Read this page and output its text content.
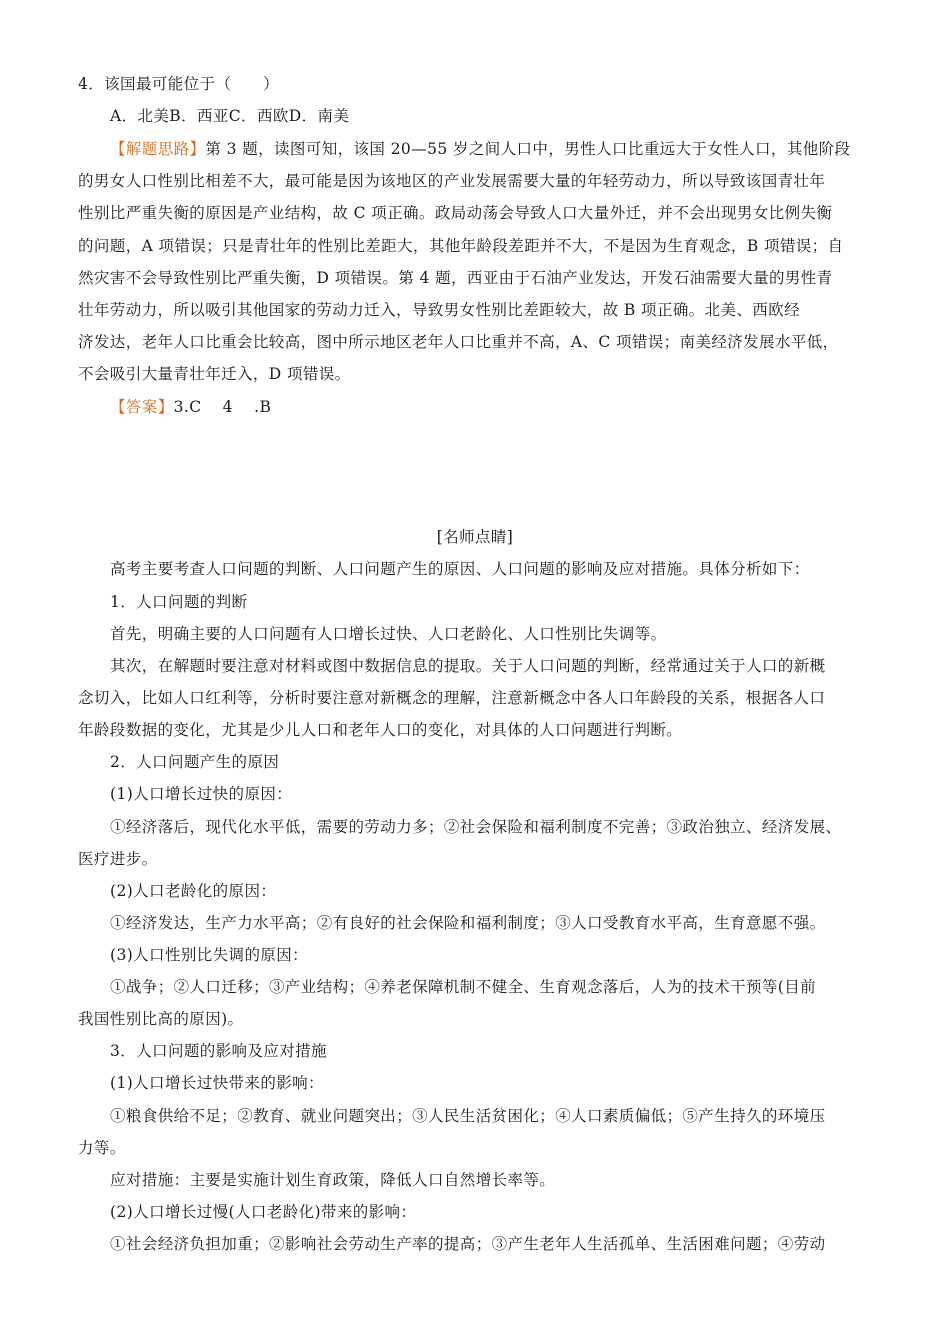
4．该国最可能位于（　　）
A．北美B．西亚C．西欧D．南美
【解题思路】第 3 题，读图可知，该国 20—55 岁之间人口中，男性人口比重远大于女性人口，其他阶段
的男女人口性别比相差不大，最可能是因为该地区的产业发展需要大量的年轻劳动力，所以导致该国青壮年
性别比严重失衡的原因是产业结构，故 C 项正确。政局动荡会导致人口大量外迁，并不会出现男女比例失衡
的问题，A 项错误；只是青壮年的性别比差距大，其他年龄段差距并不大，不是因为生育观念，B 项错误；自
然灾害不会导致性别比严重失衡，D 项错误。第 4 题，西亚由于石油产业发达，开发石油需要大量的男性青
壮年劳动力，所以吸引其他国家的劳动力迁入，导致男女性别比差距较大，故 B 项正确。北美、西欧经
济发达，老年人口比重会比较高，图中所示地区老年人口比重并不高，A、C 项错误；南美经济发展水平低，
不会吸引大量青壮年迁入，D 项错误。
【答案】3.C　 4　 .B
[名师点睛]
高考主要考查人口问题的判断、人口问题产生的原因、人口问题的影响及应对措施。具体分析如下：
1．人口问题的判断
首先，明确主要的人口问题有人口增长过快、人口老龄化、人口性别比失调等。
其次，在解题时要注意对材料或图中数据信息的提取。关于人口问题的判断，经常通过关于人口的新概
念切入，比如人口红利等，分析时要注意对新概念的理解，注意新概念中各人口年龄段的关系，根据各人口
年龄段数据的变化，尤其是少儿人口和老年人口的变化，对具体的人口问题进行判断。
2．人口问题产生的原因
(1)人口增长过快的原因：
①经济落后，现代化水平低，需要的劳动力多；②社会保险和福利制度不完善；③政治独立、经济发展、
医疗进步。
(2)人口老龄化的原因：
①经济发达，生产力水平高；②有良好的社会保险和福利制度；③人口受教育水平高，生育意愿不强。
(3)人口性别比失调的原因：
①战争；②人口迁移；③产业结构；④养老保障机制不健全、生育观念落后，人为的技术干预等(目前
我国性别比高的原因)。
3．人口问题的影响及应对措施
(1)人口增长过快带来的影响：
①粮食供给不足；②教育、就业问题突出；③人民生活贫困化；④人口素质偏低；⑤产生持久的环境压
力等。
应对措施：主要是实施计划生育政策，降低人口自然增长率等。
(2)人口增长过慢(人口老龄化)带来的影响：
①社会经济负担加重；②影响社会劳动生产率的提高；③产生老年人生活孤单、生活困难问题；④劳动
